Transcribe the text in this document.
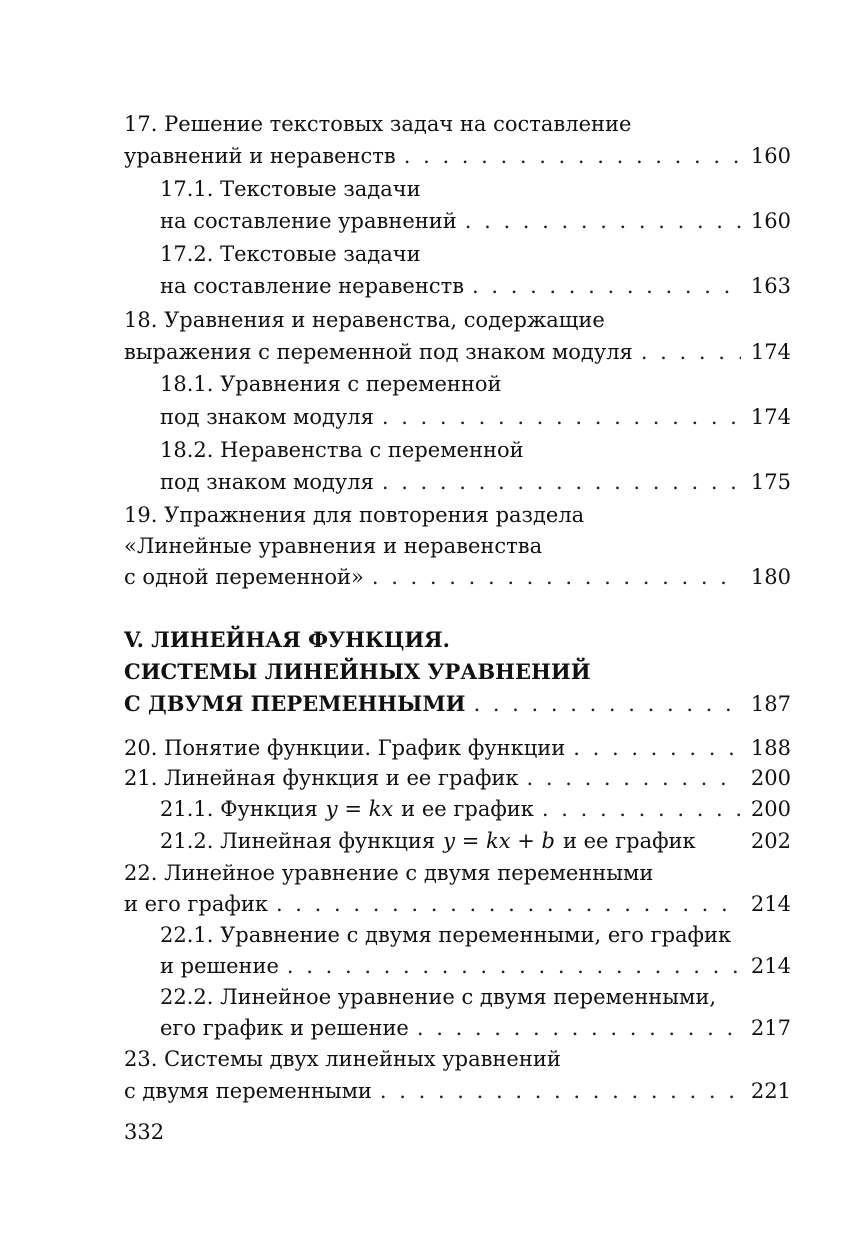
17. Решение текстовых задач на составление
уравнений и неравенств . . .	160
17.1. Текстовые задачи
на составление уравнений . . .	160
17.2. Текстовые задачи
на составление неравенств . . .	163
18. Уравнения и неравенства, содержащие
выражения с переменной под знаком модуля . . .	174
18.1. Уравнения с переменной
под знаком модуля . . .	174
18.2. Неравенства с переменной
под знаком модуля . . .	175
19. Упражнения для повторения раздела
«Линейные уравнения и неравенства
с одной переменной» . . .	180
V. ЛИНЕЙНАЯ ФУНКЦИЯ.
СИСТЕМЫ ЛИНЕЙНЫХ УРАВНЕНИЙ
С ДВУМЯ ПЕРЕМЕННЫМИ . . .	187
20. Понятие функции. График функции . . .	188
21. Линейная функция и ее график . . .	200
21.1. Функция y = kx и ее график . . .	200
21.2. Линейная функция y = kx + b и ее график	202
22. Линейное уравнение с двумя переменными
и его график . . .	214
22.1. Уравнение с двумя переменными, его график
и решение . . .	214
22.2. Линейное уравнение с двумя переменными,
его график и решение . . .	217
23. Системы двух линейных уравнений
с двумя переменными . . .	221
332
